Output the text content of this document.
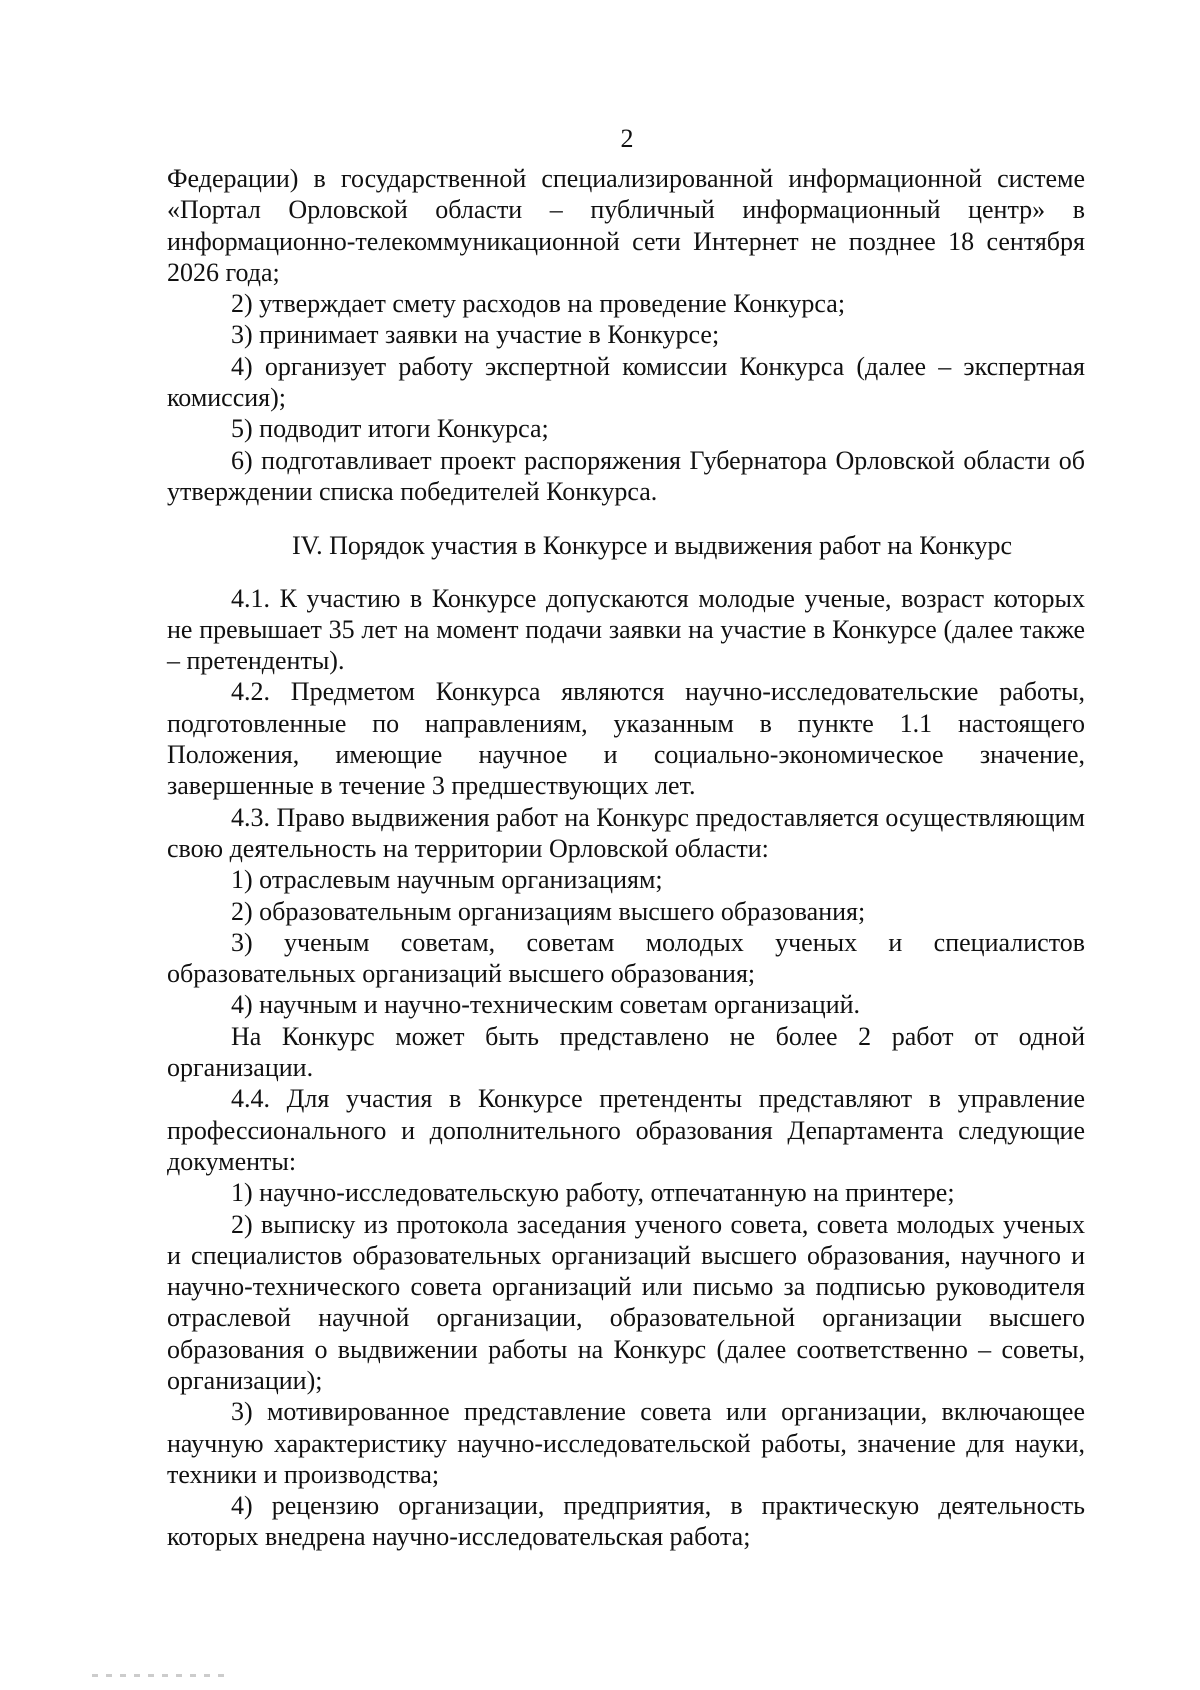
2

Федерации) в государственной специализированной информационной системе «Портал Орловской области – публичный информационный центр» в информационно-телекоммуникационной сети Интернет не позднее 18 сентября 2026 года;

2) утверждает смету расходов на проведение Конкурса;

3) принимает заявки на участие в Конкурсе;

4) организует работу экспертной комиссии Конкурса (далее – экспертная комиссия);

5) подводит итоги Конкурса;

6) подготавливает проект распоряжения Губернатора Орловской области об утверждении списка победителей Конкурса.

IV. Порядок участия в Конкурсе и выдвижения работ на Конкурс

4.1. К участию в Конкурсе допускаются молодые ученые, возраст которых не превышает 35 лет на момент подачи заявки на участие в Конкурсе (далее также – претенденты).

4.2. Предметом Конкурса являются научно-исследовательские работы, подготовленные по направлениям, указанным в пункте 1.1 настоящего Положения, имеющие научное и социально-экономическое значение, завершенные в течение 3 предшествующих лет.

4.3. Право выдвижения работ на Конкурс предоставляется осуществляющим свою деятельность на территории Орловской области:

1) отраслевым научным организациям;

2) образовательным организациям высшего образования;

3) ученым советам, советам молодых ученых и специалистов образовательных организаций высшего образования;

4) научным и научно-техническим советам организаций.

На Конкурс может быть представлено не более 2 работ от одной организации.

4.4. Для участия в Конкурсе претенденты представляют в управление профессионального и дополнительного образования Департамента следующие документы:

1) научно-исследовательскую работу, отпечатанную на принтере;

2) выписку из протокола заседания ученого совета, совета молодых ученых и специалистов образовательных организаций высшего образования, научного и научно-технического совета организаций или письмо за подписью руководителя отраслевой научной организации, образовательной организации высшего образования о выдвижении работы на Конкурс (далее соответственно – советы, организации);

3) мотивированное представление совета или организации, включающее научную характеристику научно-исследовательской работы, значение для науки, техники и производства;

4) рецензию организации, предприятия, в практическую деятельность которых внедрена научно-исследовательская работа;
